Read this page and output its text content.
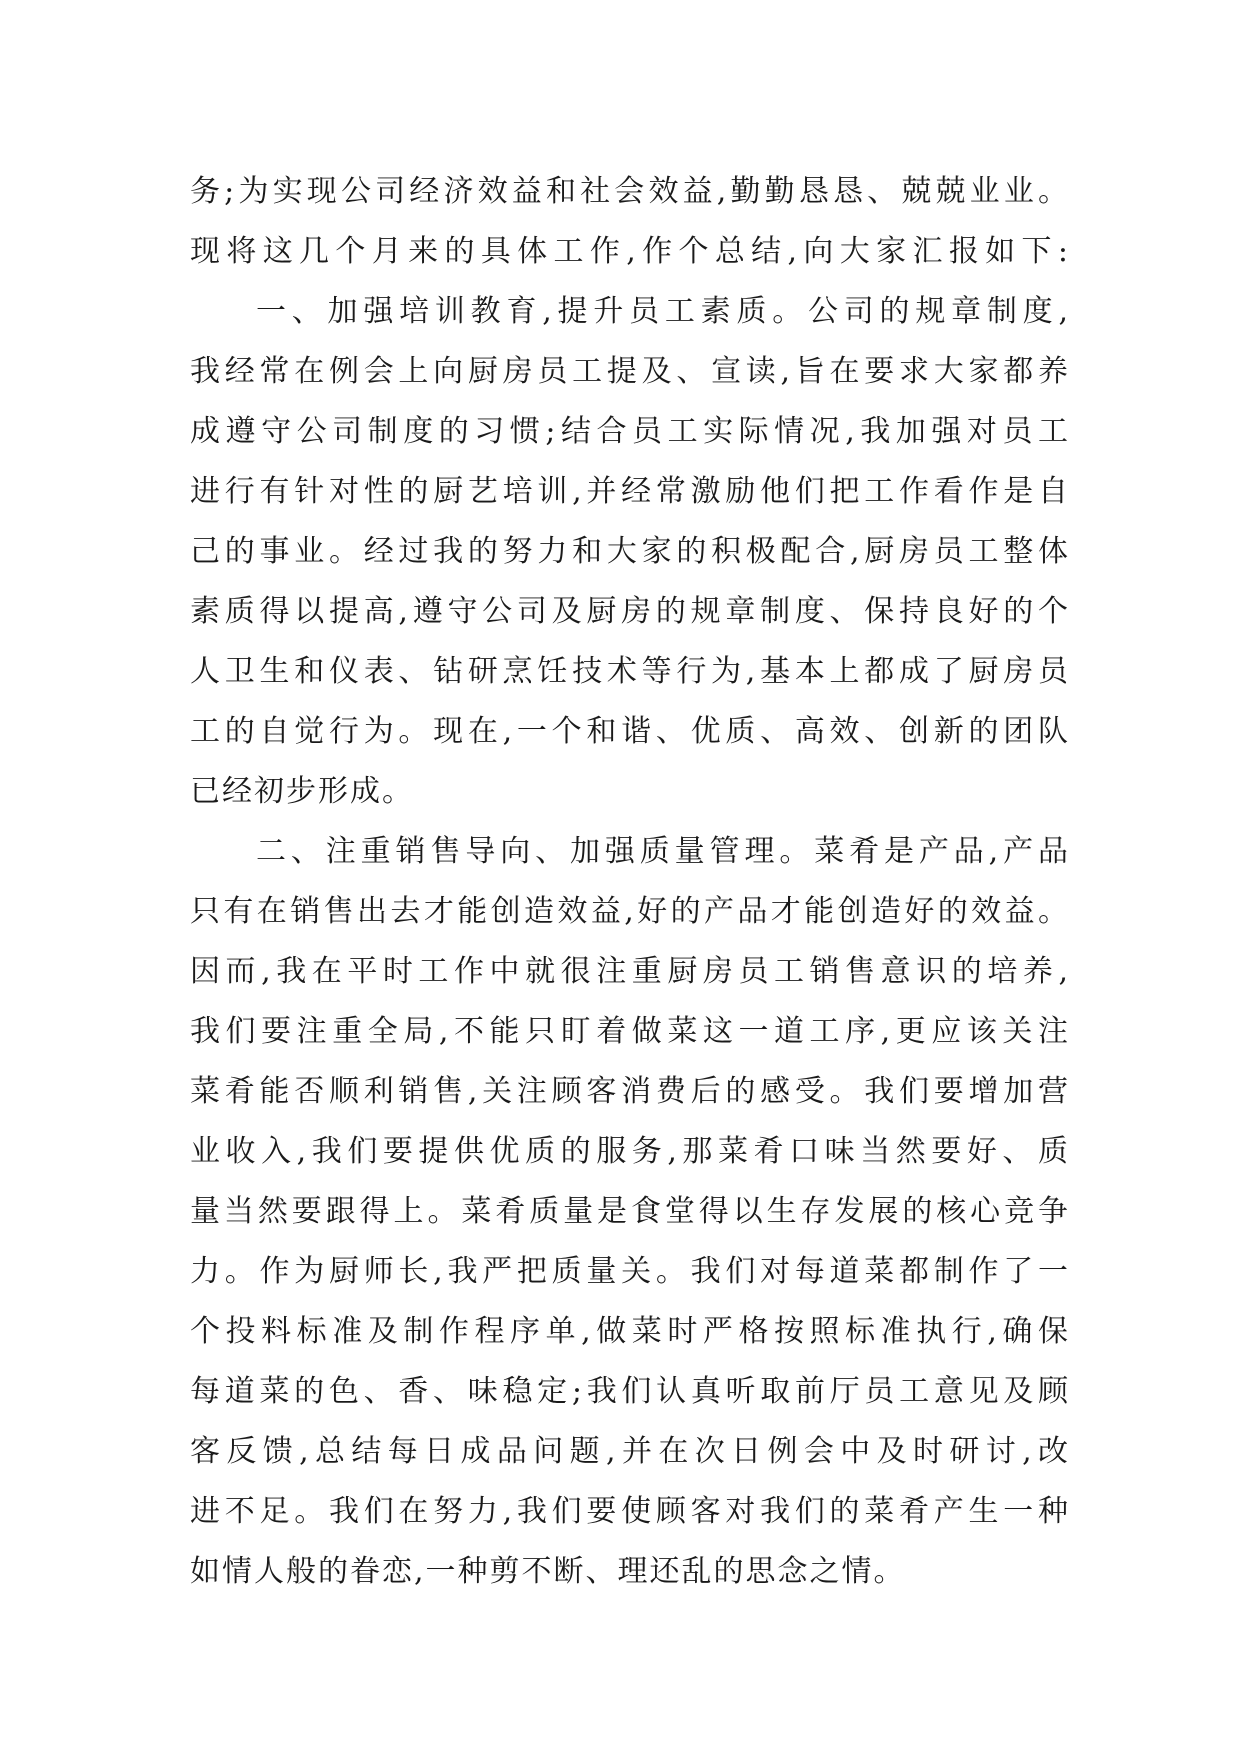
务;为实现公司经济效益和社会效益,勤勤恳恳、兢兢业业。
现将这几个月来的具体工作,作个总结,向大家汇报如下:
一、加强培训教育,提升员工素质。公司的规章制度,
我经常在例会上向厨房员工提及、宣读,旨在要求大家都养
成遵守公司制度的习惯;结合员工实际情况,我加强对员工
进行有针对性的厨艺培训,并经常激励他们把工作看作是自
己的事业。经过我的努力和大家的积极配合,厨房员工整体
素质得以提高,遵守公司及厨房的规章制度、保持良好的个
人卫生和仪表、钻研烹饪技术等行为,基本上都成了厨房员
工的自觉行为。现在,一个和谐、优质、高效、创新的团队
已经初步形成。
二、注重销售导向、加强质量管理。菜肴是产品,产品
只有在销售出去才能创造效益,好的产品才能创造好的效益。
因而,我在平时工作中就很注重厨房员工销售意识的培养,
我们要注重全局,不能只盯着做菜这一道工序,更应该关注
菜肴能否顺利销售,关注顾客消费后的感受。我们要增加营
业收入,我们要提供优质的服务,那菜肴口味当然要好、质
量当然要跟得上。菜肴质量是食堂得以生存发展的核心竞争
力。作为厨师长,我严把质量关。我们对每道菜都制作了一
个投料标准及制作程序单,做菜时严格按照标准执行,确保
每道菜的色、香、味稳定;我们认真听取前厅员工意见及顾
客反馈,总结每日成品问题,并在次日例会中及时研讨,改
进不足。我们在努力,我们要使顾客对我们的菜肴产生一种
如情人般的眷恋,一种剪不断、理还乱的思念之情。
